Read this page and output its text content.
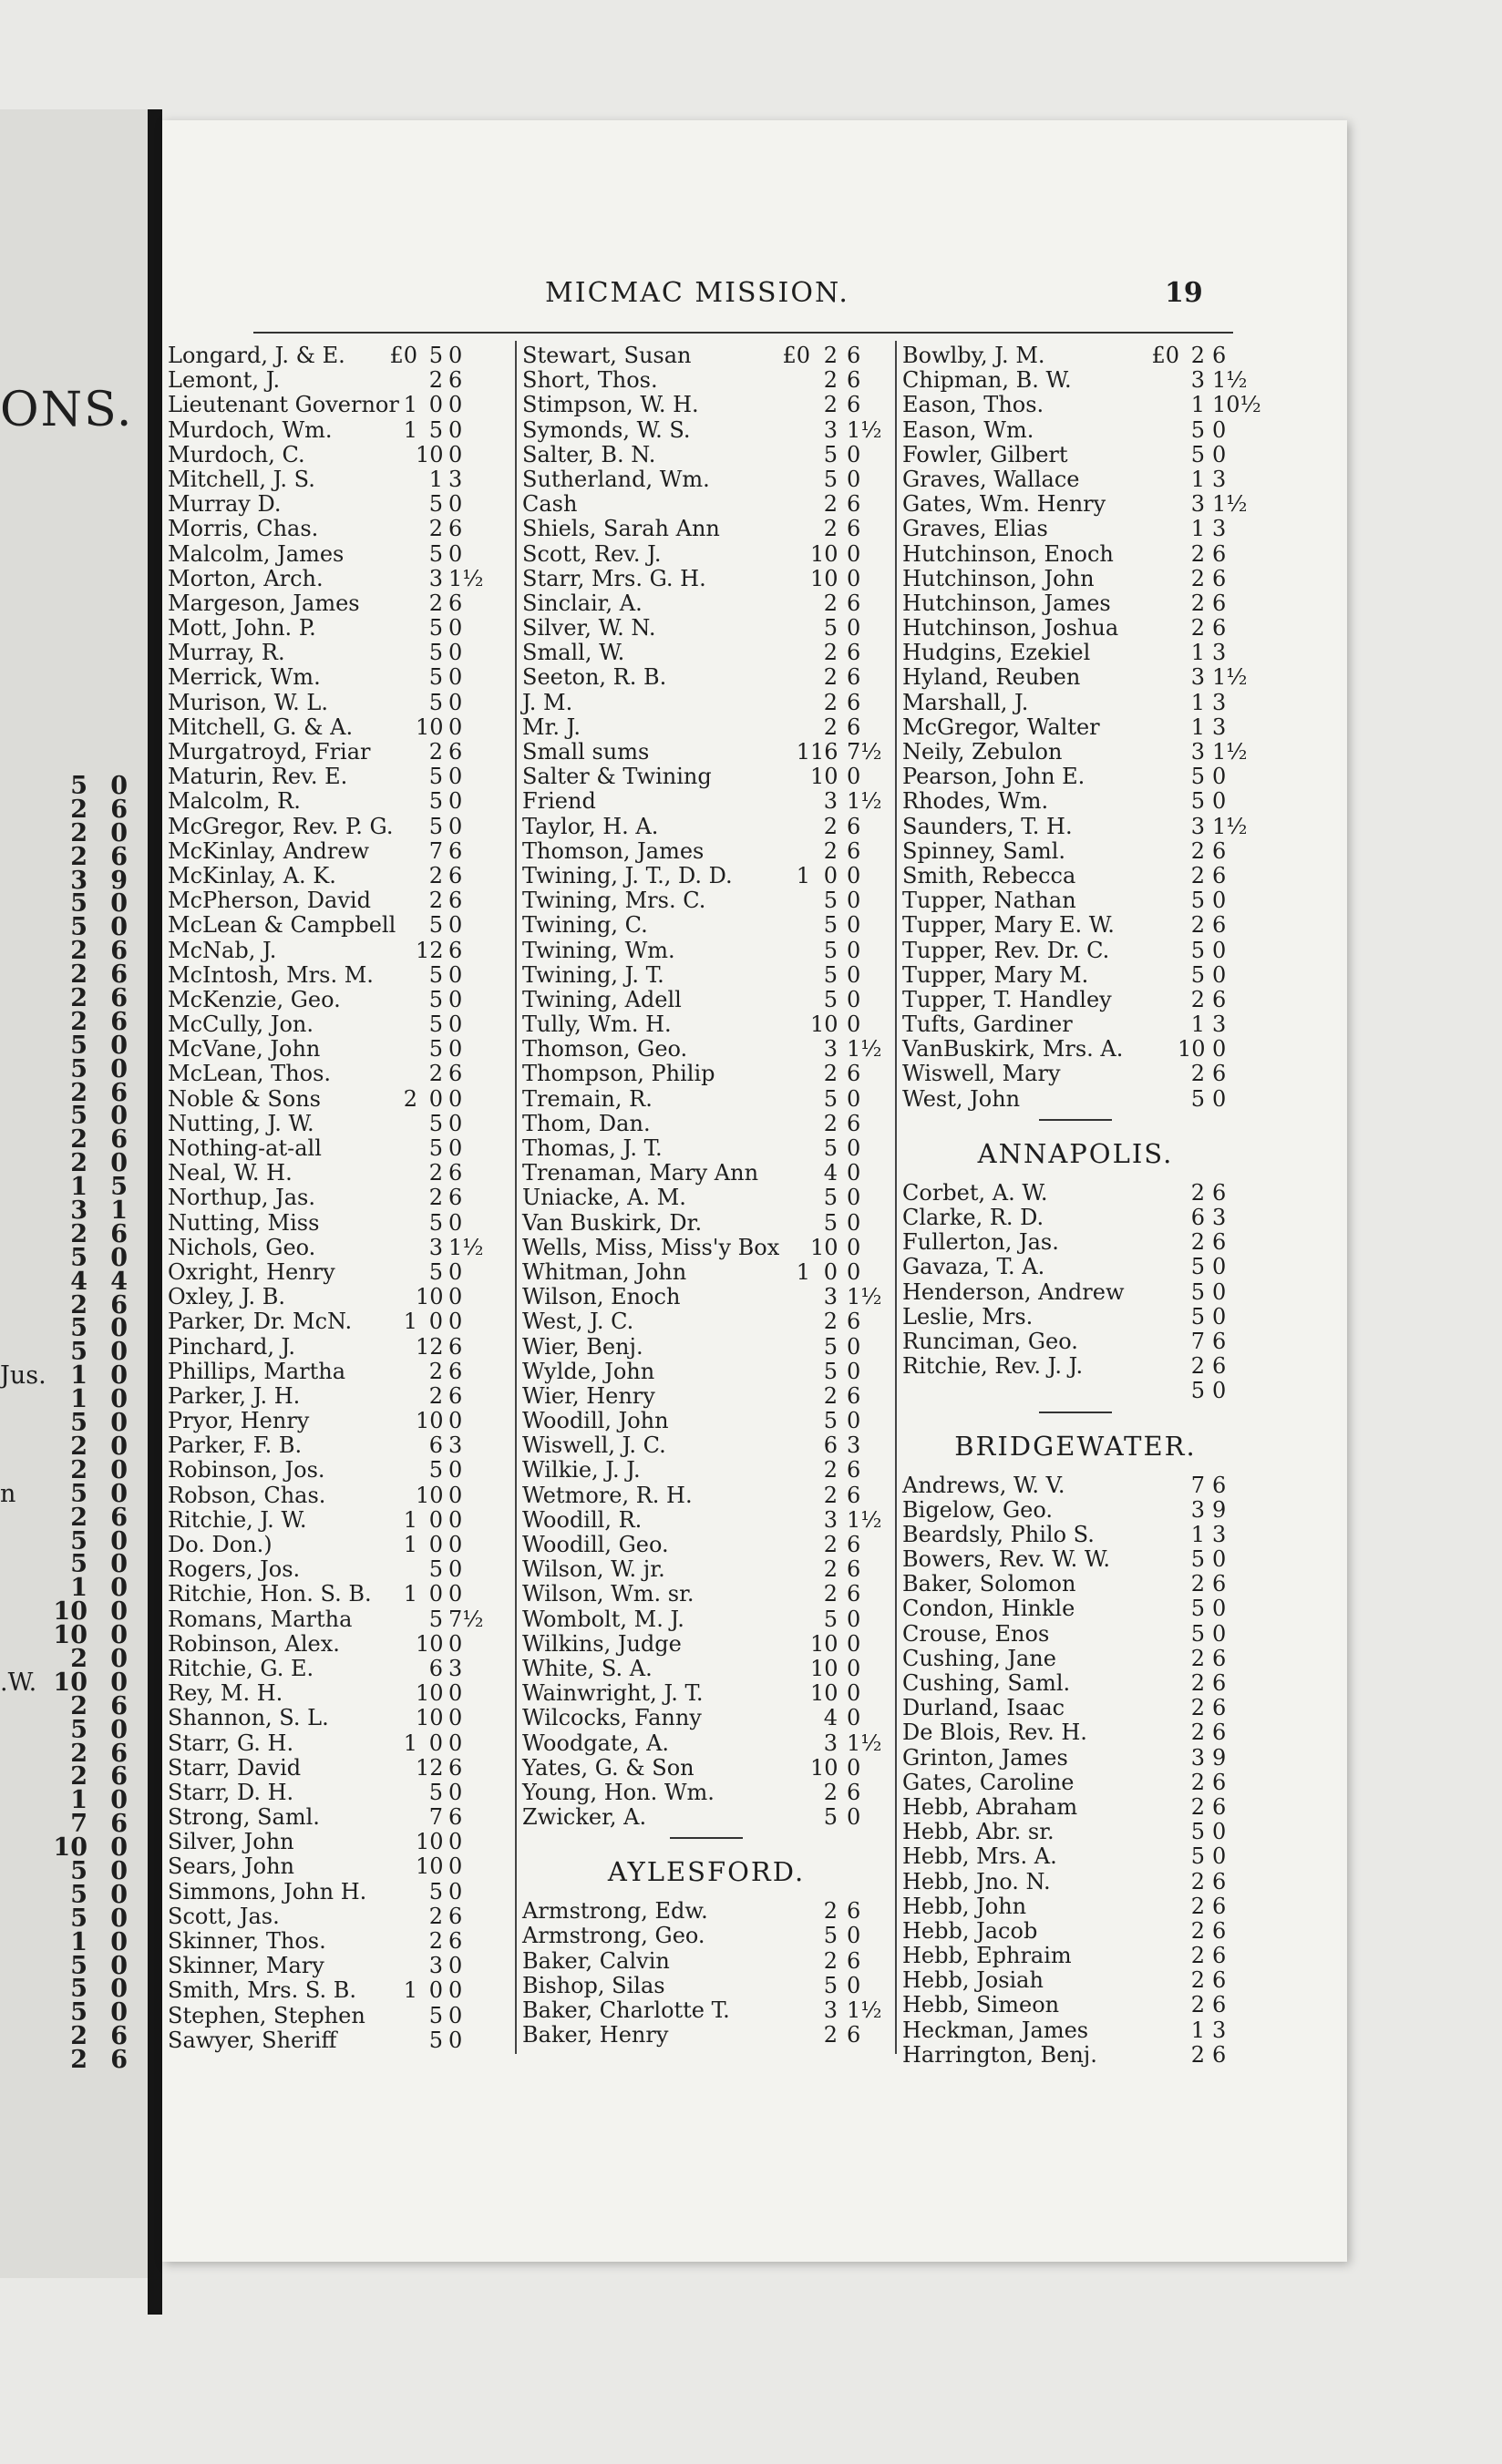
ONS.
5 0
2 6
2 0
2 6
3 9
5 0
5 0
2 6
2 6
2 6
2 6
5 0
5 0
2 6
5 0
2 6
2 0
1 5
3 1
2 6
5 0
4 4
2 6
5 0
5 0
Jus. 1 0
1 0
5 0
2 0
2 0
n 5 0
2 6
5 0
5 0
1 0
10 0
10 0
2 0
.W. 10 0
2 6
5 0
2 6
2 6
1 0
7 6
10 0
5 0
5 0
5 0
1 0
5 0
5 0
5 0
2 6
2 6
MICMAC MISSION.	19
Longard, J. & E. £0 5 0
Lemont, J.	2 6
Lieutenant Governor 1 0 0
Murdoch, Wm.	1 5 0
Murdoch, C.	10 0
Mitchell, J. S.	1 3
Murray D.	5 0
Morris, Chas.	2 6
Malcolm, James	5 0
Morton, Arch.	3 1½
Margeson, James	2 6
Mott, John. P.	5 0
Murray, R.	5 0
Merrick, Wm.	5 0
Murison, W. L.	5 0
Mitchell, G. & A.	10 0
Murgatroyd, Friar	2 6
Maturin, Rev. E.	5 0
Malcolm, R.	5 0
McGregor, Rev. P. G.	5 0
McKinlay, Andrew	7 6
McKinlay, A. K.	2 6
McPherson, David	2 6
McLean & Campbell	5 0
McNab, J.	12 6
McIntosh, Mrs. M.	5 0
McKenzie, Geo.	5 0
McCully, Jon.	5 0
McVane, John	5 0
McLean, Thos.	2 6
Noble & Sons	2 0 0
Nutting, J. W.	5 0
Nothing-at-all	5 0
Neal, W. H.	2 6
Northup, Jas.	2 6
Nutting, Miss	5 0
Nichols, Geo.	3 1½
Oxright, Henry	5 0
Oxley, J. B.	10 0
Parker, Dr. McN.	1 0 0
Pinchard, J.	12 6
Phillips, Martha	2 6
Parker, J. H.	2 6
Pryor, Henry	10 0
Parker, F. B.	6 3
Robinson, Jos.	5 0
Robson, Chas.	10 0
Ritchie, J. W.	1 0 0
Do. Don.)	1 0 0
Rogers, Jos.	5 0
Ritchie, Hon. S. B.	1 0 0
Romans, Martha	5 7½
Robinson, Alex.	10 0
Ritchie, G. E.	6 3
Rey, M. H.	10 0
Shannon, S. L.	10 0
Starr, G. H.	1 0 0
Starr, David	12 6
Starr, D. H.	5 0
Strong, Saml.	7 6
Silver, John	10 0
Sears, John	10 0
Simmons, John H.	5 0
Scott, Jas.	2 6
Skinner, Thos.	2 6
Skinner, Mary	3 0
Smith, Mrs. S. B.	1 0 0
Stephen, Stephen	5 0
Sawyer, Sheriff	5 0
Stewart, Susan	£0 2 6
Short, Thos.	2 6
Stimpson, W. H.	2 6
Symonds, W. S.	3 1½
Salter, B. N.	5 0
Sutherland, Wm.	5 0
Cash	2 6
Shiels, Sarah Ann	2 6
Scott, Rev. J.	10 0
Starr, Mrs. G. H.	10 0
Sinclair, A.	2 6
Silver, W. N.	5 0
Small, W.	2 6
Seeton, R. B.	2 6
J. M.	2 6
Mr. J.	2 6
Small sums	1 16 7½
Salter & Twining	10 0
Friend	3 1½
Taylor, H. A.	2 6
Thomson, James	2 6
Twining, J. T., D. D.	1 0 0
Twining, Mrs. C.	5 0
Twining, C.	5 0
Twining, Wm.	5 0
Twining, J. T.	5 0
Twining, Adell	5 0
Tully, Wm. H.	10 0
Thomson, Geo.	3 1½
Thompson, Philip	2 6
Tremain, R.	5 0
Thom, Dan.	2 6
Thomas, J. T.	5 0
Trenaman, Mary Ann	4 0
Uniacke, A. M.	5 0
Van Buskirk, Dr.	5 0
Wells, Miss, Miss'y Box 10 0
Whitman, John	1 0 0
Wilson, Enoch	3 1½
West, J. C.	2 6
Wier, Benj.	5 0
Wylde, John	5 0
Wier, Henry	2 6
Woodill, John	5 0
Wiswell, J. C.	6 3
Wilkie, J. J.	2 6
Wetmore, R. H.	2 6
Woodill, R.	3 1½
Woodill, Geo.	2 6
Wilson, W. jr.	2 6
Wilson, Wm. sr.	2 6
Wombolt, M. J.	5 0
Wilkins, Judge	10 0
White, S. A.	10 0
Wainwright, J. T.	10 0
Wilcocks, Fanny	4 0
Woodgate, A.	3 1½
Yates, G. & Son	10 0
Young, Hon. Wm.	2 6
Zwicker, A.	5 0
AYLESFORD.
Armstrong, Edw.	2 6
Armstrong, Geo.	5 0
Baker, Calvin	2 6
Bishop, Silas	5 0
Baker, Charlotte T.	3 1½
Baker, Henry	2 6
Bowlby, J. M.	£0 2 6
Chipman, B. W.	3 1½
Eason, Thos.	1 10½
Eason, Wm.	5 0
Fowler, Gilbert	5 0
Graves, Wallace	1 3
Gates, Wm. Henry	3 1½
Graves, Elias	1 3
Hutchinson, Enoch	2 6
Hutchinson, John	2 6
Hutchinson, James	2 6
Hutchinson, Joshua	2 6
Hudgins, Ezekiel	1 3
Hyland, Reuben	3 1½
Marshall, J.	1 3
McGregor, Walter	1 3
Neily, Zebulon	3 1½
Pearson, John E.	5 0
Rhodes, Wm.	5 0
Saunders, T. H.	3 1½
Spinney, Saml.	2 6
Smith, Rebecca	2 6
Tupper, Nathan	5 0
Tupper, Mary E. W.	2 6
Tupper, Rev. Dr. C.	5 0
Tupper, Mary M.	5 0
Tupper, T. Handley	2 6
Tufts, Gardiner	1 3
VanBuskirk, Mrs. A. 10 0
Wiswell, Mary	2 6
West, John	5 0
ANNAPOLIS.
Corbet, A. W.	2 6
Clarke, R. D.	6 3
Fullerton, Jas.	2 6
Gavaza, T. A.	5 0
Henderson, Andrew	5 0
Leslie, Mrs.	5 0
Runciman, Geo.	7 6
Ritchie, Rev. J. J.	2 6
5 0
BRIDGEWATER.
Andrews, W. V.	7 6
Bigelow, Geo.	3 9
Beardsly, Philo S.	1 3
Bowers, Rev. W. W.	5 0
Baker, Solomon	2 6
Condon, Hinkle	5 0
Crouse, Enos	5 0
Cushing, Jane	2 6
Cushing, Saml.	2 6
Durland, Isaac	2 6
De Blois, Rev. H.	2 6
Grinton, James	3 9
Gates, Caroline	2 6
Hebb, Abraham	2 6
Hebb, Abr. sr.	5 0
Hebb, Mrs. A.	5 0
Hebb, Jno. N.	2 6
Hebb, John	2 6
Hebb, Jacob	2 6
Hebb, Ephraim	2 6
Hebb, Josiah	2 6
Hebb, Simeon	2 6
Heckman, James	1 3
Harrington, Benj.	2 6
